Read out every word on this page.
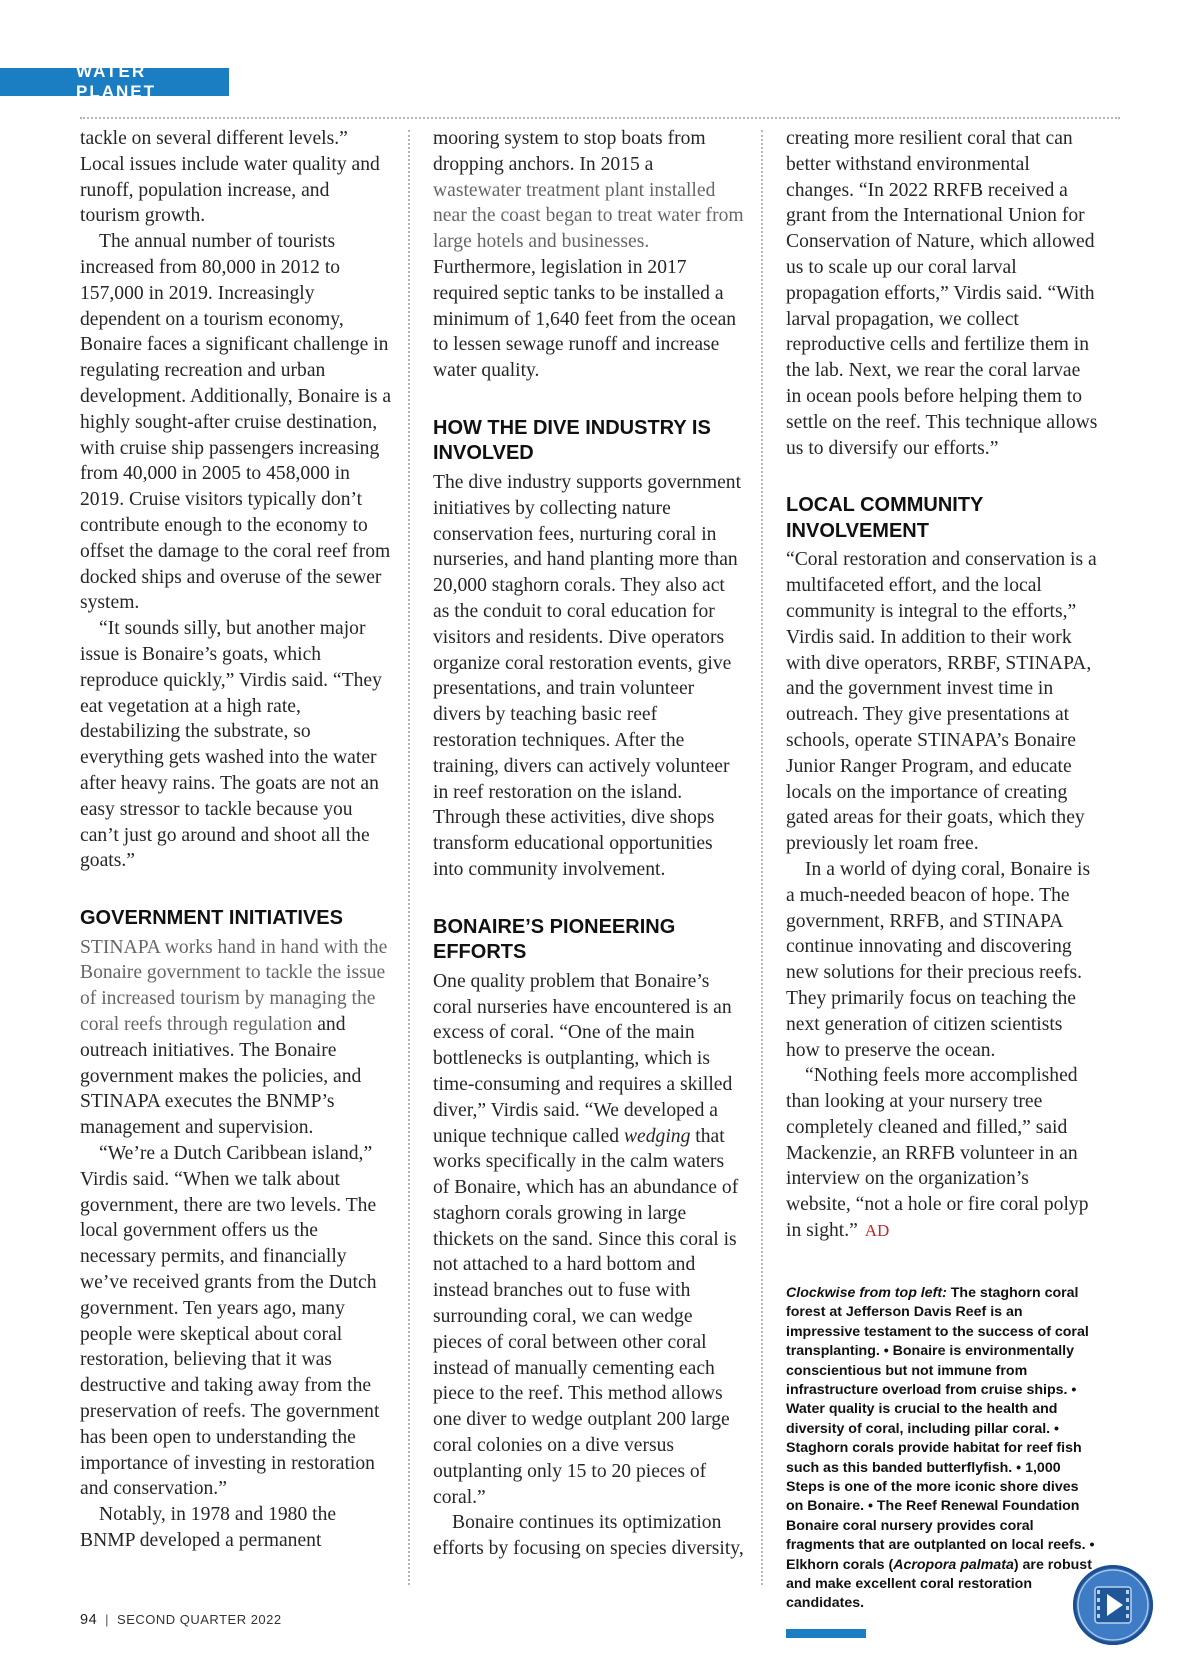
WATER PLANET

tackle on several different levels.” Local issues include water quality and runoff, population increase, and tourism growth.

The annual number of tourists increased from 80,000 in 2012 to 157,000 in 2019. Increasingly dependent on a tourism economy, Bonaire faces a significant challenge in regulating recreation and urban development. Additionally, Bonaire is a highly sought-after cruise destination, with cruise ship passengers increasing from 40,000 in 2005 to 458,000 in 2019. Cruise visitors typically don’t contribute enough to the economy to offset the damage to the coral reef from docked ships and overuse of the sewer system.

“It sounds silly, but another major issue is Bonaire’s goats, which reproduce quickly,” Virdis said. “They eat vegetation at a high rate, destabilizing the substrate, so everything gets washed into the water after heavy rains. The goats are not an easy stressor to tackle because you can’t just go around and shoot all the goats.”

GOVERNMENT INITIATIVES

STINAPA works hand in hand with the Bonaire government to tackle the issue of increased tourism by managing the coral reefs through regulation and outreach initiatives. The Bonaire government makes the policies, and STINAPA executes the BNMP’s management and supervision.

“We’re a Dutch Caribbean island,” Virdis said. “When we talk about government, there are two levels. The local government offers us the necessary permits, and financially we’ve received grants from the Dutch government. Ten years ago, many people were skeptical about coral restoration, believing that it was destructive and taking away from the preservation of reefs. The government has been open to understanding the importance of investing in restoration and conservation.”

Notably, in 1978 and 1980 the BNMP developed a permanent

mooring system to stop boats from dropping anchors. In 2015 a wastewater treatment plant installed near the coast began to treat water from large hotels and businesses. Furthermore, legislation in 2017 required septic tanks to be installed a minimum of 1,640 feet from the ocean to lessen sewage runoff and increase water quality.

HOW THE DIVE INDUSTRY IS INVOLVED

The dive industry supports government initiatives by collecting nature conservation fees, nurturing coral in nurseries, and hand planting more than 20,000 staghorn corals. They also act as the conduit to coral education for visitors and residents. Dive operators organize coral restoration events, give presentations, and train volunteer divers by teaching basic reef restoration techniques. After the training, divers can actively volunteer in reef restoration on the island. Through these activities, dive shops transform educational opportunities into community involvement.

BONAIRE’S PIONEERING EFFORTS

One quality problem that Bonaire’s coral nurseries have encountered is an excess of coral. “One of the main bottlenecks is outplanting, which is time-consuming and requires a skilled diver,” Virdis said. “We developed a unique technique called wedging that works specifically in the calm waters of Bonaire, which has an abundance of staghorn corals growing in large thickets on the sand. Since this coral is not attached to a hard bottom and instead branches out to fuse with surrounding coral, we can wedge pieces of coral between other coral instead of manually cementing each piece to the reef. This method allows one diver to wedge outplant 200 large coral colonies on a dive versus outplanting only 15 to 20 pieces of coral.”

Bonaire continues its optimization efforts by focusing on species diversity,

creating more resilient coral that can better withstand environmental changes. “In 2022 RRFB received a grant from the International Union for Conservation of Nature, which allowed us to scale up our coral larval propagation efforts,” Virdis said. “With larval propagation, we collect reproductive cells and fertilize them in the lab. Next, we rear the coral larvae in ocean pools before helping them to settle on the reef. This technique allows us to diversify our efforts.”

LOCAL COMMUNITY INVOLVEMENT

“Coral restoration and conservation is a multifaceted effort, and the local community is integral to the efforts,” Virdis said. In addition to their work with dive operators, RRBF, STINAPA, and the government invest time in outreach. They give presentations at schools, operate STINAPA’s Bonaire Junior Ranger Program, and educate locals on the importance of creating gated areas for their goats, which they previously let roam free.

In a world of dying coral, Bonaire is a much-needed beacon of hope. The government, RRFB, and STINAPA continue innovating and discovering new solutions for their precious reefs. They primarily focus on teaching the next generation of citizen scientists how to preserve the ocean.

“Nothing feels more accomplished than looking at your nursery tree completely cleaned and filled,” said Mackenzie, an RRFB volunteer in an interview on the organization’s website, “not a hole or fire coral polyp in sight.” AD

Clockwise from top left: The staghorn coral forest at Jefferson Davis Reef is an impressive testament to the success of coral transplanting. • Bonaire is environmentally conscientious but not immune from infrastructure overload from cruise ships. • Water quality is crucial to the health and diversity of coral, including pillar coral. • Staghorn corals provide habitat for reef fish such as this banded butterflyfish. • 1,000 Steps is one of the more iconic shore dives on Bonaire. • The Reef Renewal Foundation Bonaire coral nursery provides coral fragments that are outplanted on local reefs. • Elkhorn corals (Acropora palmata) are robust and make excellent coral restoration candidates.
94 | SECOND QUARTER 2022
